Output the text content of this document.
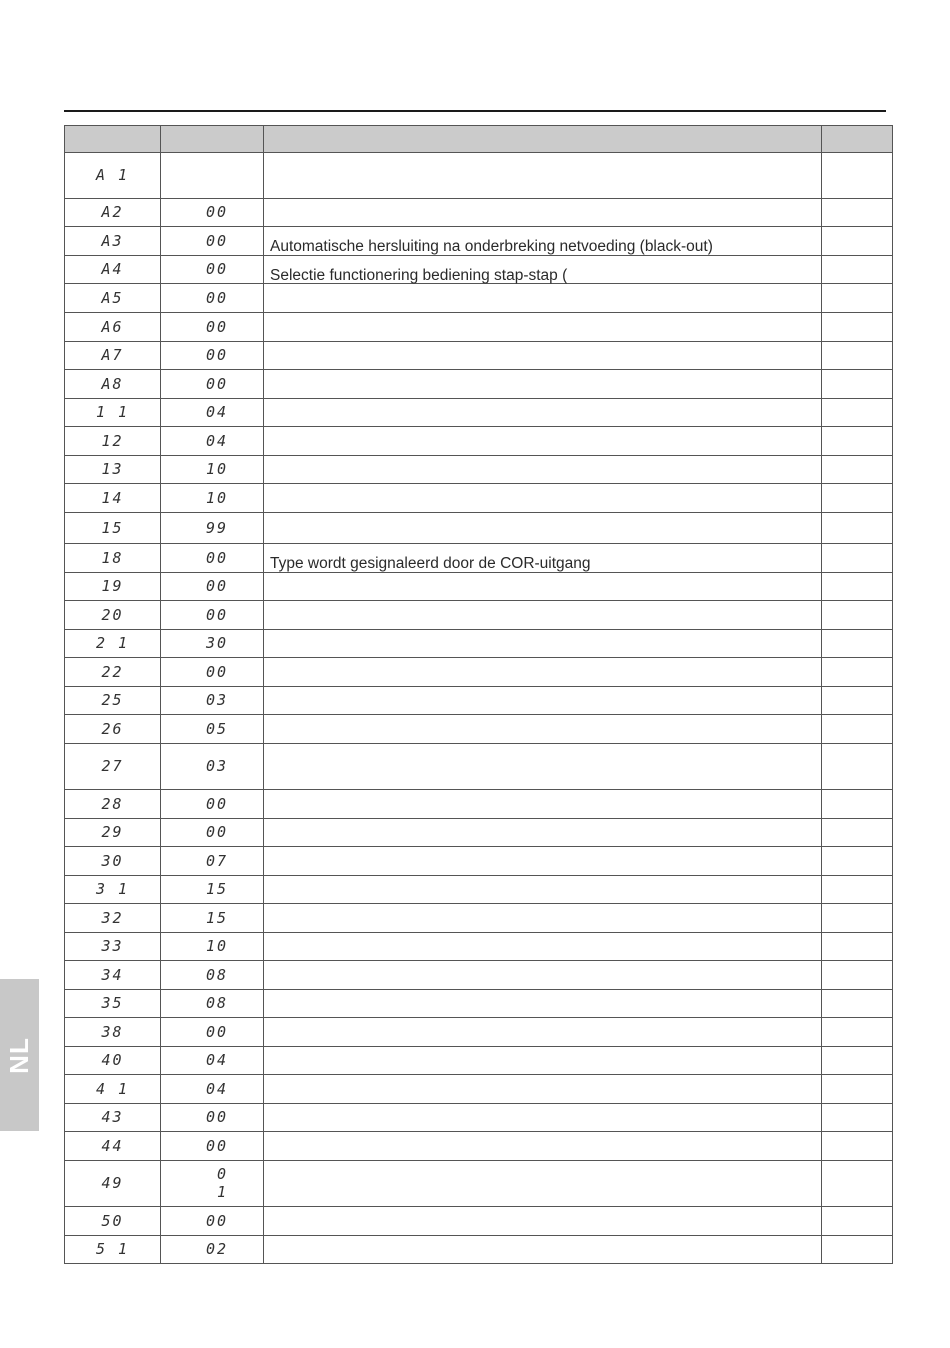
NL

A 1			
A2	00		
A3	00	Automatische hersluiting na onderbreking netvoeding (black-out)	
A4	00	Selectie functionering bediening stap-stap (	
A5	00		
A6	00		
A7	00		
A8	00		
1 1	04		
12	04		
13	10		
14	10		
15	99		
18	00	Type wordt gesignaleerd door de COR-uitgang	
19	00		
20	00		
2 1	30		
22	00		
25	03		
26	05		
27	03		
28	00		
29	00		
30	07		
3 1	15		
32	15		
33	10		
34	08		
35	08		
38	00		
40	04		
4 1	04		
43	00		
44	00		
49	0 1		
50	00		
5 1	02		
